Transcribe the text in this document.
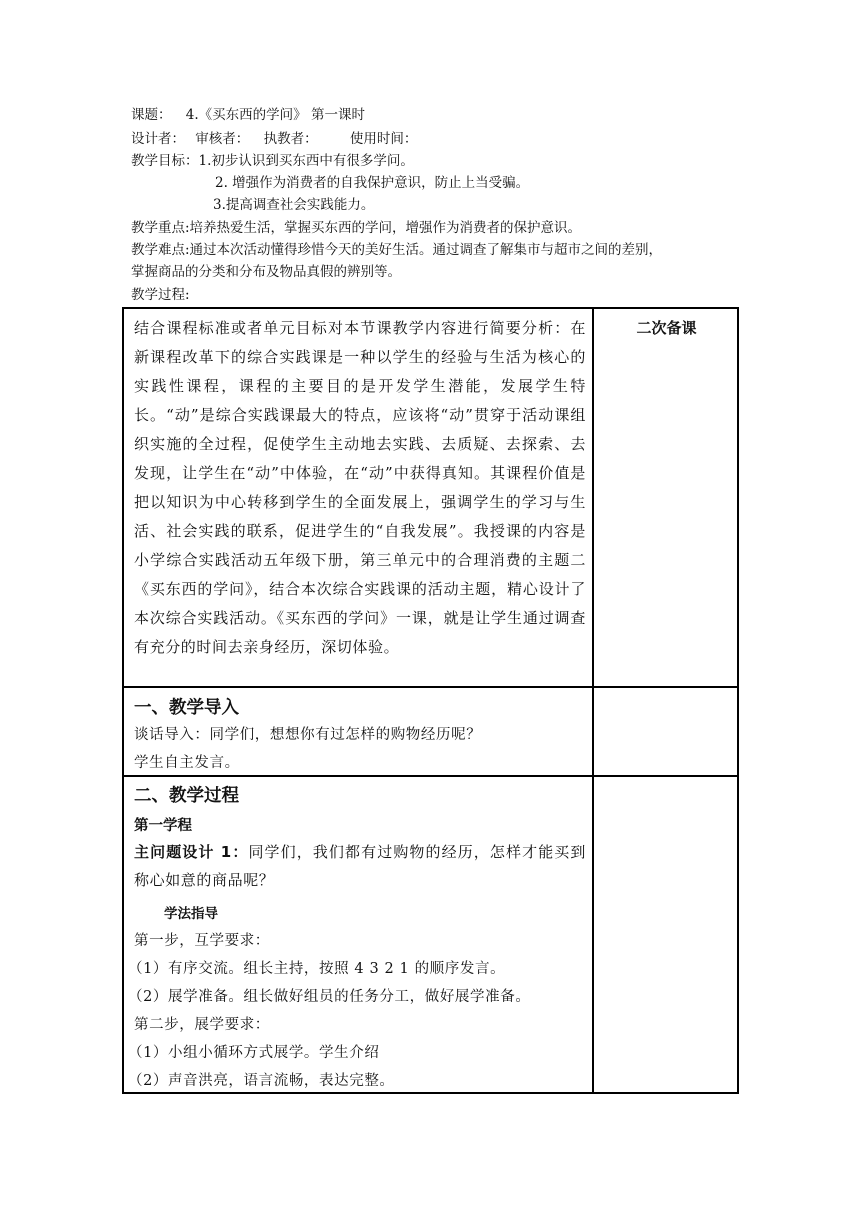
课题： 4.《买东西的学问》 第一课时
设计者： 审核者： 执教者： 使用时间：
教学目标：1.初步认识到买东西中有很多学问。
2. 增强作为消费者的自我保护意识，防止上当受骗。
3.提高调查社会实践能力。
教学重点:培养热爱生活，掌握买东西的学问，增强作为消费者的保护意识。
教学难点:通过本次活动懂得珍惜今天的美好生活。通过调查了解集市与超市之间的差别，
掌握商品的分类和分布及物品真假的辨别等。
教学过程:
二次备课
结合课程标准或者单元目标对本节课教学内容进行简要分析：在新课程改革下的综合实践课是一种以学生的经验与生活为核心的实践性课程，课程的主要目的是开发学生潜能，发展学生特长。“动”是综合实践课最大的特点，应该将“动”贯穿于活动课组织实施的全过程，促使学生主动地去实践、去质疑、去探索、去发现，让学生在“动”中体验，在“动”中获得真知。其课程价值是把以知识为中心转移到学生的全面发展上，强调学生的学习与生活、社会实践的联系，促进学生的“自我发展”。我授课的内容是小学综合实践活动五年级下册，第三单元中的合理消费的主题二《买东西的学问》，结合本次综合实践课的活动主题，精心设计了本次综合实践活动。《买东西的学问》一课，就是让学生通过调查有充分的时间去亲身经历，深切体验。
一、教学导入
谈话导入：同学们，想想你有过怎样的购物经历呢？
学生自主发言。
二、教学过程
第一学程
主问题设计 1：同学们，我们都有过购物的经历，怎样才能买到称心如意的商品呢？
学法指导
第一步，互学要求：
（1）有序交流。组长主持，按照 4 3 2 1 的顺序发言。
（2）展学准备。组长做好组员的任务分工，做好展学准备。
第二步，展学要求：
（1）小组小循环方式展学。学生介绍
（2）声音洪亮，语言流畅，表达完整。
